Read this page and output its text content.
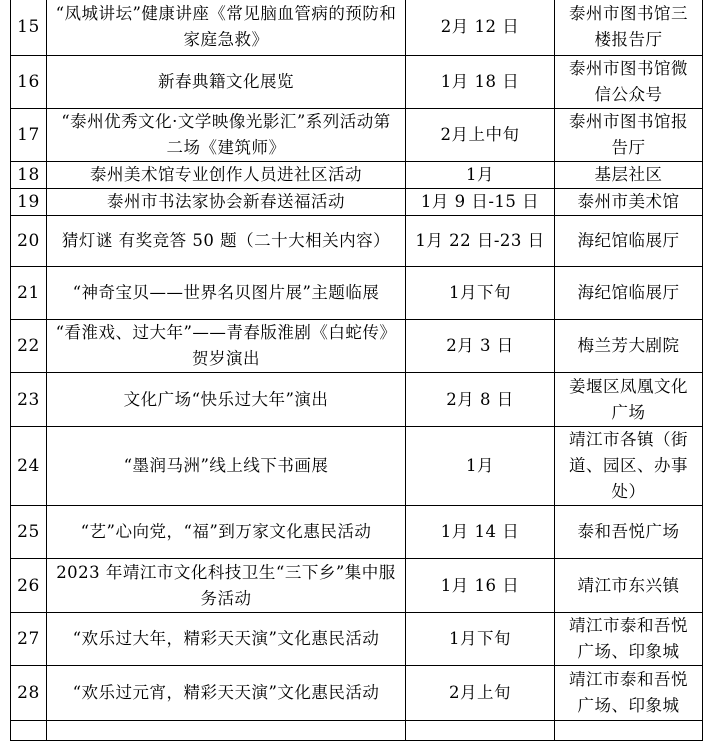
15	“凤城讲坛”健康讲座《常见脑血管病的预防和家庭急救》	2月 12 日	泰州市图书馆三楼报告厅
16	新春典籍文化展览	1月 18 日	泰州市图书馆微信公众号
17	“泰州优秀文化·文学映像光影汇”系列活动第二场《建筑师》	2月上中旬	泰州市图书馆报告厅
18	泰州美术馆专业创作人员进社区活动	1月	基层社区
19	泰州市书法家协会新春送福活动	1月 9 日-15 日	泰州市美术馆
20	猜灯谜 有奖竞答 50 题（二十大相关内容）	1月 22 日-23 日	海纪馆临展厅
21	“神奇宝贝——世界名贝图片展”主题临展	1月下旬	海纪馆临展厅
22	“看淮戏、过大年”——青春版淮剧《白蛇传》贺岁演出	2月 3 日	梅兰芳大剧院
23	文化广场“快乐过大年”演出	2月 8 日	姜堰区凤凰文化广场
24	“墨润马洲”线上线下书画展	1月	靖江市各镇（街道、园区、办事处）
25	“艺”心向党，“福”到万家文化惠民活动	1月 14 日	泰和吾悦广场
26	2023 年靖江市文化科技卫生“三下乡”集中服务活动	1月 16 日	靖江市东兴镇
27	“欢乐过大年，精彩天天演”文化惠民活动	1月下旬	靖江市泰和吾悦广场、印象城
28	“欢乐过元宵，精彩天天演”文化惠民活动	2月上旬	靖江市泰和吾悦广场、印象城
